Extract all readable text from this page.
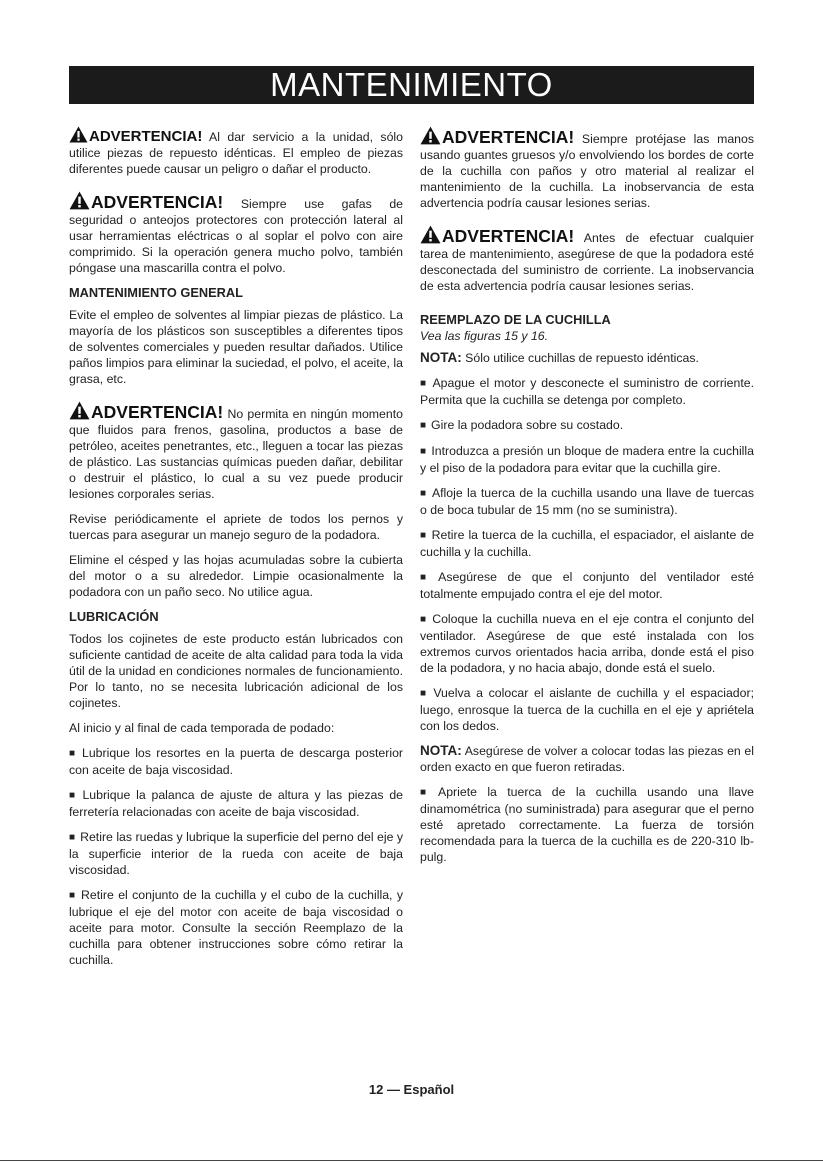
MANTENIMIENTO

ADVERTENCIA! Al dar servicio a la unidad, sólo utilice piezas de repuesto idénticas. El empleo de piezas diferentes puede causar un peligro o dañar el producto.

ADVERTENCIA! Siempre use gafas de seguridad o anteojos protectores con protección lateral al usar herramientas eléctricas o al soplar el polvo con aire comprimido. Si la operación genera mucho polvo, también póngase una mascarilla contra el polvo.

MANTENIMIENTO GENERAL

Evite el empleo de solventes al limpiar piezas de plástico. La mayoría de los plásticos son susceptibles a diferentes tipos de solventes comerciales y pueden resultar dañados. Utilice paños limpios para eliminar la suciedad, el polvo, el aceite, la grasa, etc.

ADVERTENCIA! No permita en ningún momento que fluidos para frenos, gasolina, productos a base de petróleo, aceites penetrantes, etc., lleguen a tocar las piezas de plástico. Las sustancias químicas pueden dañar, debilitar o destruir el plástico, lo cual a su vez puede producir lesiones corporales serias.

Revise periódicamente el apriete de todos los pernos y tuercas para asegurar un manejo seguro de la podadora.

Elimine el césped y las hojas acumuladas sobre la cubierta del motor o a su alrededor. Limpie ocasionalmente la podadora con un paño seco. No utilice agua.

LUBRICACIÓN

Todos los cojinetes de este producto están lubricados con suficiente cantidad de aceite de alta calidad para toda la vida útil de la unidad en condiciones normales de funcionamiento. Por lo tanto, no se necesita lubricación adicional de los cojinetes.

Al inicio y al final de cada temporada de podado:

■ Lubrique los resortes en la puerta de descarga posterior con aceite de baja viscosidad.

■ Lubrique la palanca de ajuste de altura y las piezas de ferretería relacionadas con aceite de baja viscosidad.

■ Retire las ruedas y lubrique la superficie del perno del eje y la superficie interior de la rueda con aceite de baja viscosidad.

■ Retire el conjunto de la cuchilla y el cubo de la cuchilla, y lubrique el eje del motor con aceite de baja viscosidad o aceite para motor. Consulte la sección Reemplazo de la cuchilla para obtener instrucciones sobre cómo retirar la cuchilla.

ADVERTENCIA! Siempre protéjase las manos usando guantes gruesos y/o envolviendo los bordes de corte de la cuchilla con paños y otro material al realizar el mantenimiento de la cuchilla. La inobservancia de esta advertencia podría causar lesiones serias.

ADVERTENCIA! Antes de efectuar cualquier tarea de mantenimiento, asegúrese de que la podadora esté desconectada del suministro de corriente. La inobservancia de esta advertencia podría causar lesiones serias.

REEMPLAZO DE LA CUCHILLA

Vea las figuras 15 y 16.

NOTA: Sólo utilice cuchillas de repuesto idénticas.

■ Apague el motor y desconecte el suministro de corriente. Permita que la cuchilla se detenga por completo.

■ Gire la podadora sobre su costado.

■ Introduzca a presión un bloque de madera entre la cuchilla y el piso de la podadora para evitar que la cuchilla gire.

■ Afloje la tuerca de la cuchilla usando una llave de tuercas o de boca tubular de 15 mm (no se suministra).

■ Retire la tuerca de la cuchilla, el espaciador, el aislante de cuchilla y la cuchilla.

■ Asegúrese de que el conjunto del ventilador esté totalmente empujado contra el eje del motor.

■ Coloque la cuchilla nueva en el eje contra el conjunto del ventilador. Asegúrese de que esté instalada con los extremos curvos orientados hacia arriba, donde está el piso de la podadora, y no hacia abajo, donde está el suelo.

■ Vuelva a colocar el aislante de cuchilla y el espaciador; luego, enrosque la tuerca de la cuchilla en el eje y apriétela con los dedos.

NOTA: Asegúrese de volver a colocar todas las piezas en el orden exacto en que fueron retiradas.

■ Apriete la tuerca de la cuchilla usando una llave dinamométrica (no suministrada) para asegurar que el perno esté apretado correctamente. La fuerza de torsión recomendada para la tuerca de la cuchilla es de 220-310 lb-pulg.

12 — Español
